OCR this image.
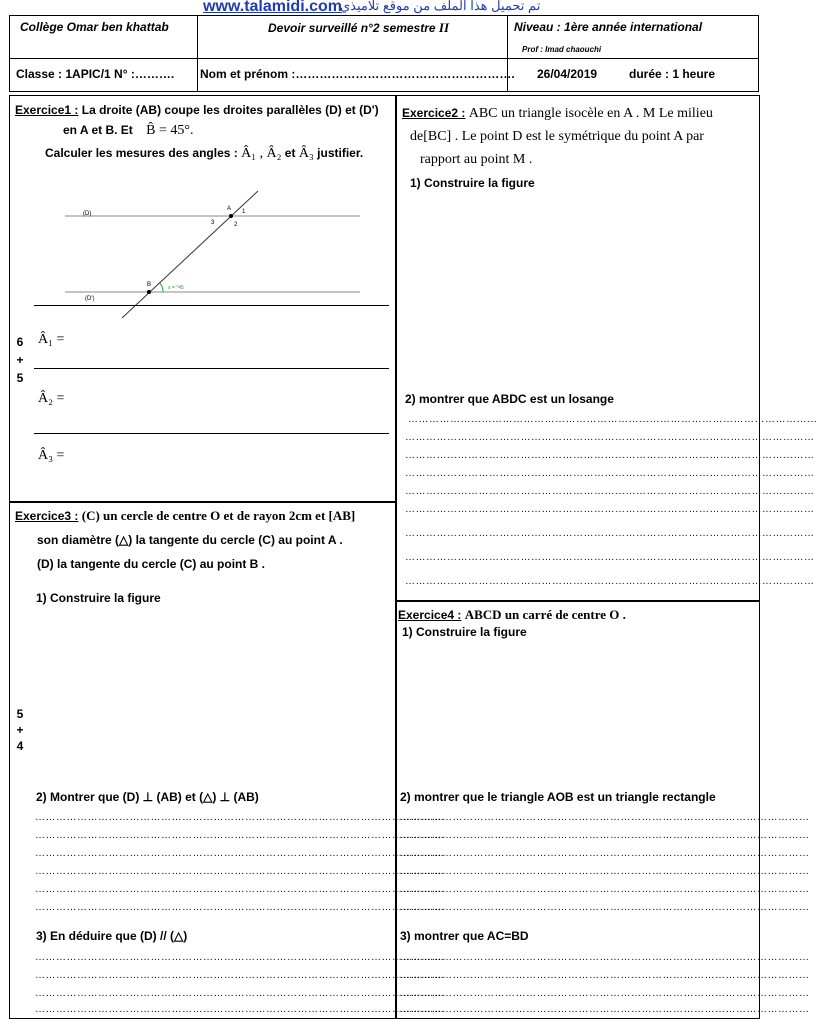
www.talamidi.com
تم تحميل هذا الملف من موقع تلاميذي
Collège Omar ben khattab	Devoir surveillé n°2 semestre II	Niveau : 1ère année international
Prof : Imad chaouchi
Classe : 1APIC/1 N° :………. Nom et prénom :………………………………………………. 26/04/2019	durée : 1 heure
Exercice1 : La droite (AB) coupe les droites parallèles (D) et (D')
en A et B. Et B̂ = 45°.
Calculer les mesures des angles : Â₁ , Â₂ et Â₃ justifier.
(D)
(D')
A
B
1
2
3
x = °45
Â₁ =
Â₂ =
Â₃ =
6
+
5
Exercice2 : ABC un triangle isocèle en A . M Le milieu
de[BC] . Le point D est le symétrique du point A par
rapport au point M .
1) Construire la figure
2) montrer que ABDC est un losange
………………………………………………………………………………………………………
………………………………………………………………………………………………………
………………………………………………………………………………………………………
………………………………………………………………………………………………………
………………………………………………………………………………………………………
………………………………………………………………………………………………………
………………………………………………………………………………………………………
………………………………………………………………………………………………………
………………………………………………………………………………………………………
Exercice3 : (C) un cercle de centre O et de rayon 2cm et [AB]
son diamètre (△) la tangente du cercle (C) au point A .
(D) la tangente du cercle (C) au point B .
1) Construire la figure
5
+
4
2) Montrer que (D) ⊥ (AB) et (△) ⊥ (AB)
………………………………………………………………………………………………………
………………………………………………………………………………………………………
………………………………………………………………………………………………………
………………………………………………………………………………………………………
………………………………………………………………………………………………………
………………………………………………………………………………………………………
3) En déduire que (D) // (△)
………………………………………………………………………………………………………
………………………………………………………………………………………………………
………………………………………………………………………………………………………
………………………………………………………………………………………………………
Exercice4 : ABCD un carré de centre O .
1) Construire la figure
2) montrer que le triangle AOB est un triangle rectangle
………………………………………………………………………………………………………
………………………………………………………………………………………………………
………………………………………………………………………………………………………
………………………………………………………………………………………………………
………………………………………………………………………………………………………
………………………………………………………………………………………………………
3) montrer que AC=BD
………………………………………………………………………………………………………
………………………………………………………………………………………………………
………………………………………………………………………………………………………
………………………………………………………………………………………………………
